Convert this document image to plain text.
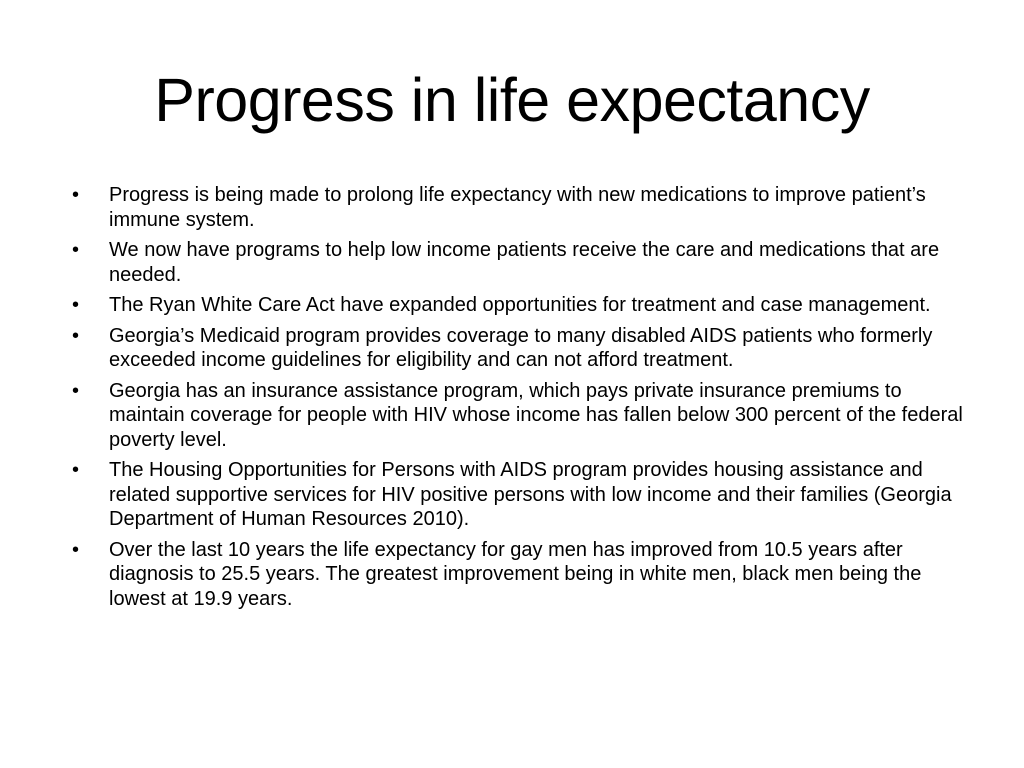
Progress in life expectancy
•	Progress is being made to prolong life expectancy with new medications to improve patient’s immune system.
•	We now have programs to help low income patients receive the care and medications that are needed.
•	The Ryan White Care Act have expanded opportunities for treatment and case management.
•	Georgia’s Medicaid program provides coverage to many disabled AIDS patients who formerly exceeded income guidelines for eligibility and can not afford treatment.
•	Georgia has an insurance assistance program, which pays private insurance premiums to maintain coverage for people with HIV whose income has fallen below 300 percent of the federal poverty level.
•	The Housing Opportunities for Persons with AIDS program provides housing assistance and related supportive services for HIV positive persons with low income and their families (Georgia Department of Human Resources 2010).
•	Over the last 10 years the life expectancy for gay men has improved from 10.5 years after diagnosis to 25.5 years. The greatest improvement being in white men, black men being the lowest at 19.9 years.
